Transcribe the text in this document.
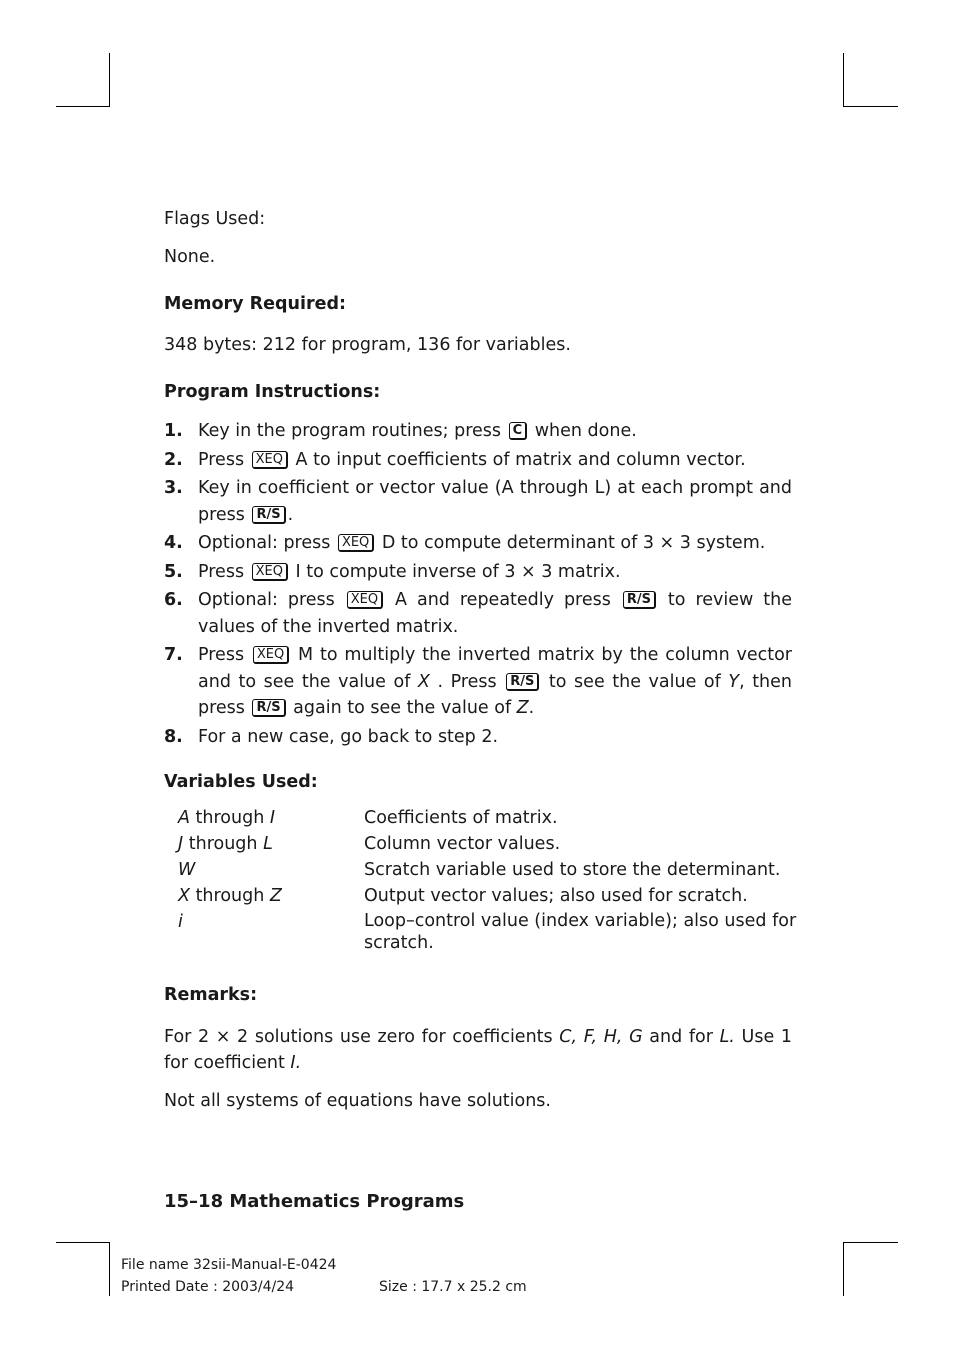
Flags Used:
None.
Memory Required:
348 bytes: 212 for program, 136 for variables.
Program Instructions:
1. Key in the program routines; press C when done.
2. Press XEQ A to input coefficients of matrix and column vector.
3. Key in coefficient or vector value (A through L) at each prompt and press R/S .
4. Optional: press XEQ D to compute determinant of 3 × 3 system.
5. Press XEQ I to compute inverse of 3 × 3 matrix.
6. Optional: press XEQ A and repeatedly press R/S to review the values of the inverted matrix.
7. Press XEQ M to multiply the inverted matrix by the column vector and to see the value of X . Press R/S to see the value of Y, then press R/S again to see the value of Z.
8. For a new case, go back to step 2.
Variables Used:
A through I	Coefficients of matrix.
J through L	Column vector values.
W	Scratch variable used to store the determinant.
X through Z	Output vector values; also used for scratch.
i	Loop–control value (index variable); also used for scratch.
Remarks:
For 2 × 2 solutions use zero for coefficients C, F, H, G and for L. Use 1 for coefficient I.
Not all systems of equations have solutions.
15–18 Mathematics Programs
File name 32sii-Manual-E-0424
Printed Date : 2003/4/24	Size : 17.7 x 25.2 cm
